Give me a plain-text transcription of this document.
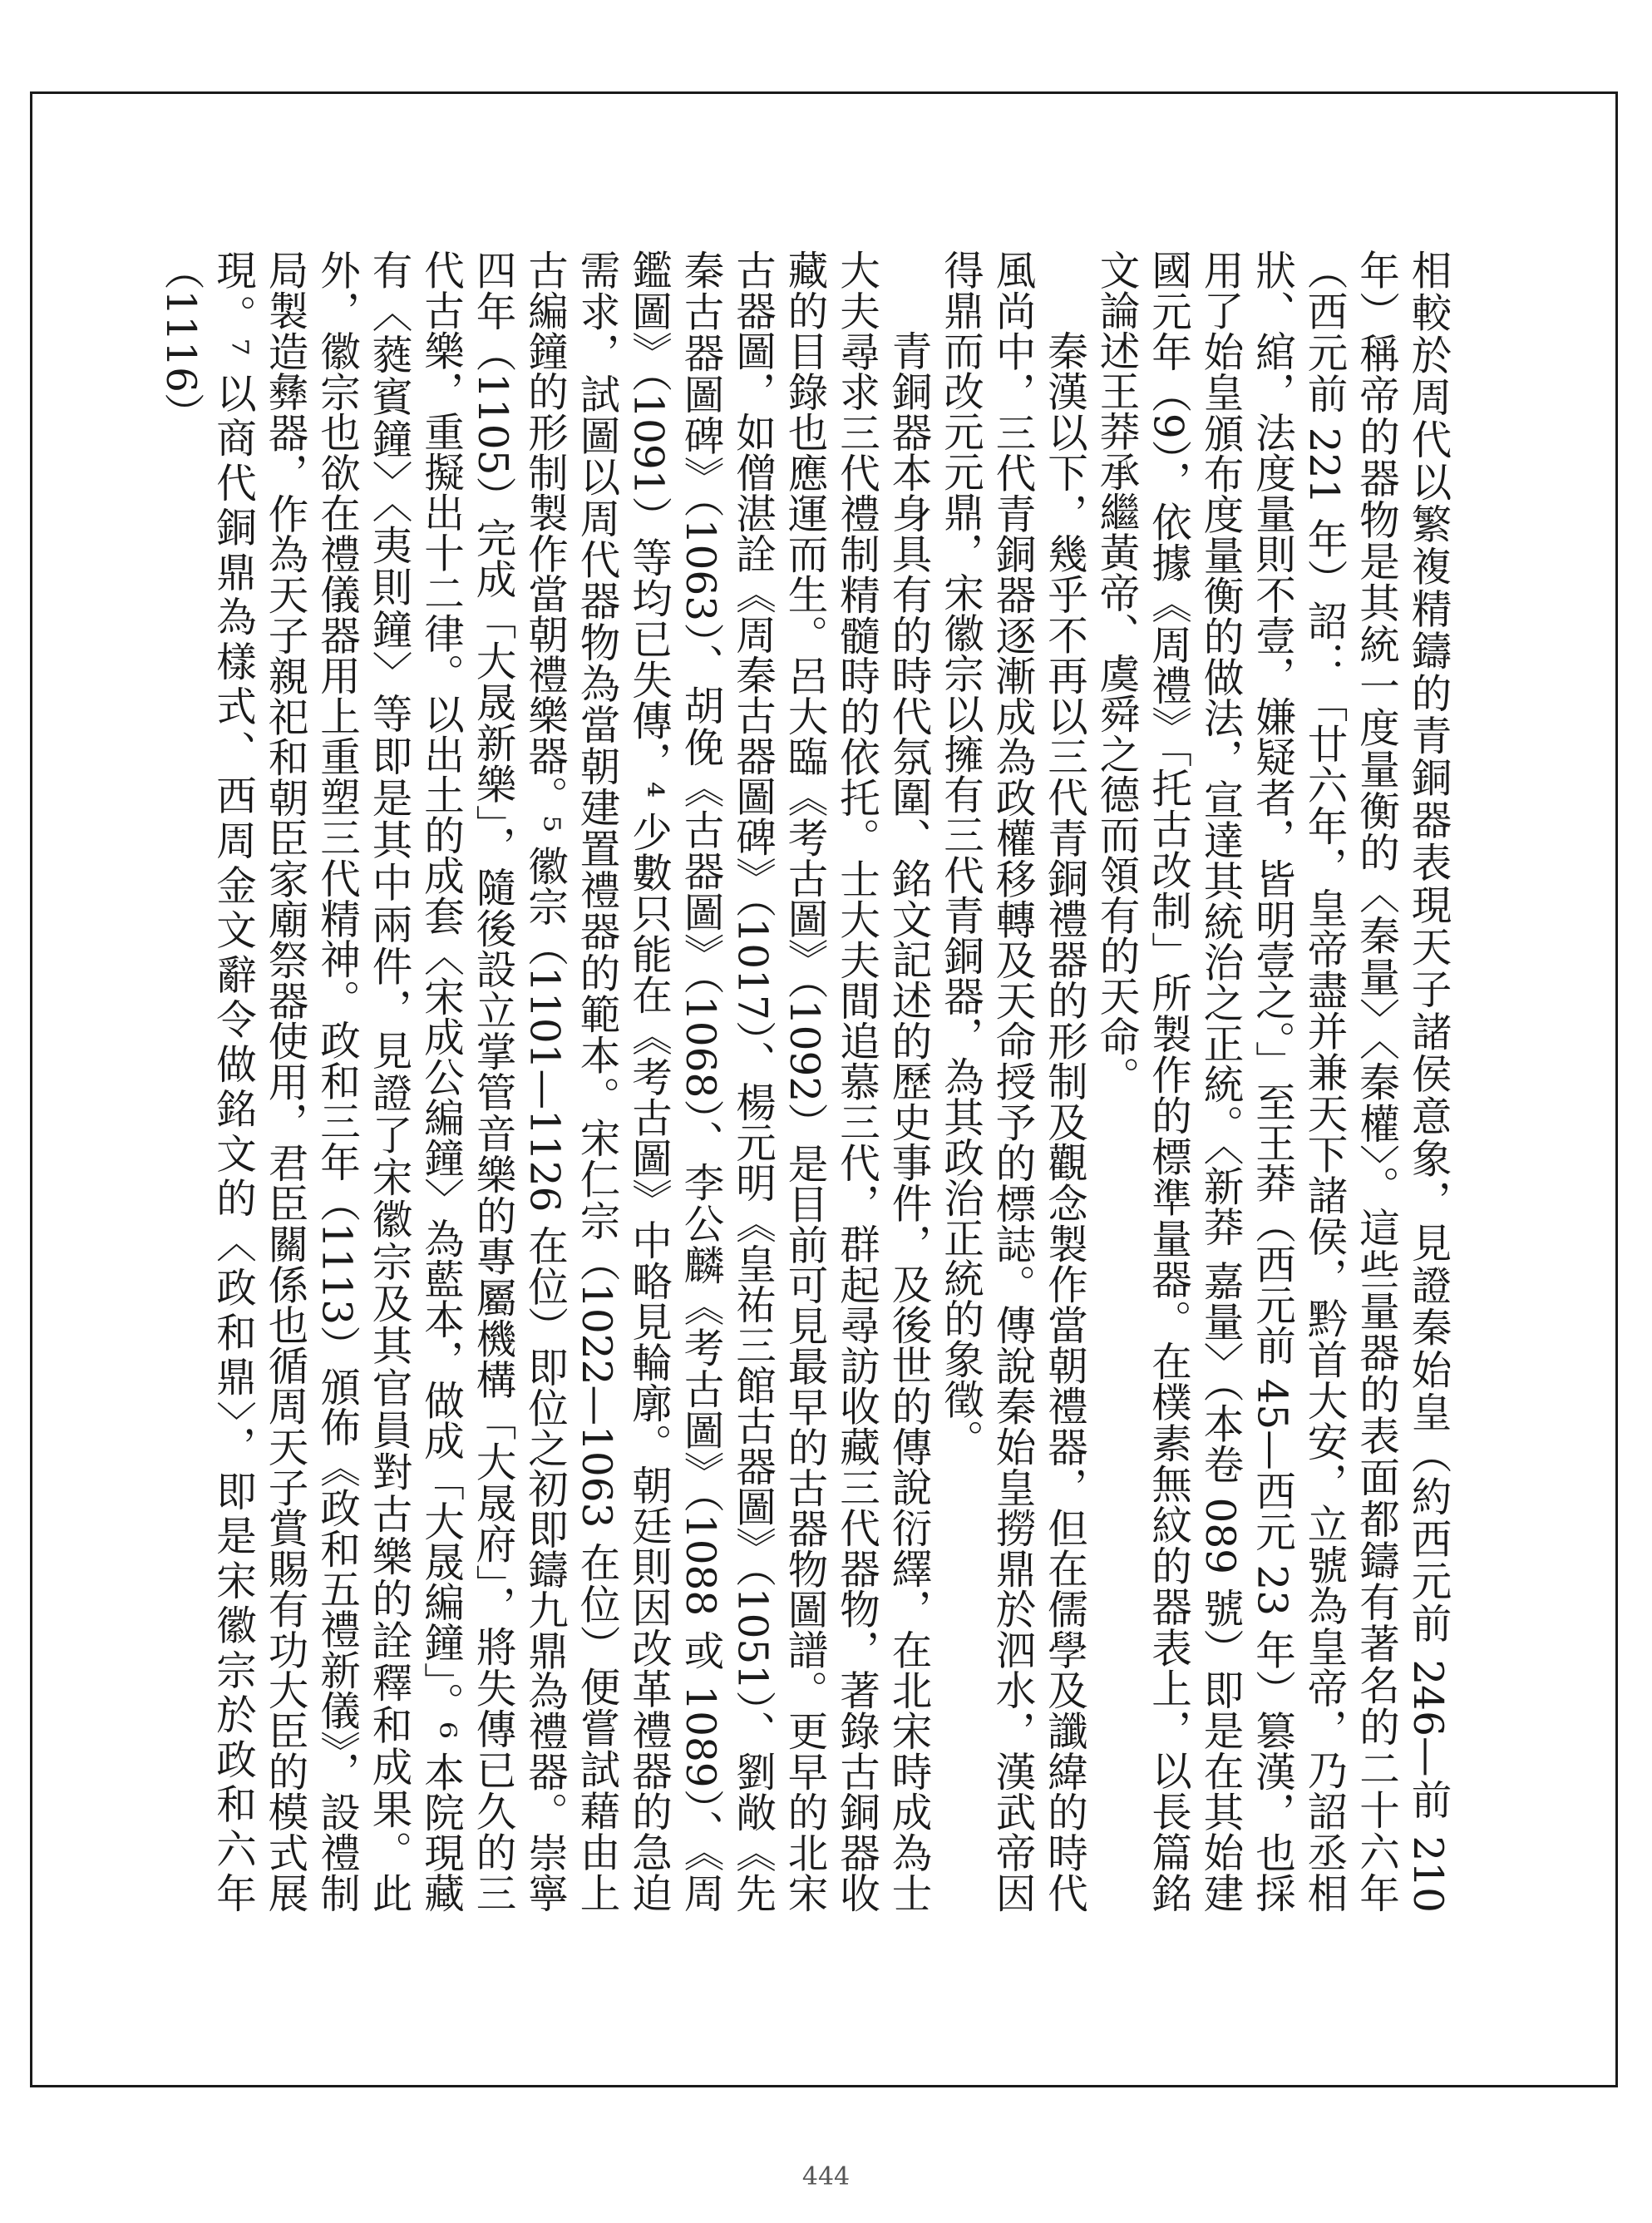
相較於周代以繁複精鑄的青銅器表現天子諸侯意象，見證秦始皇（約西元前 246—前 210 年）稱帝的器物是其統一度量衡的〈秦量〉〈秦權〉。這些量器的表面都鑄有著名的二十六年（西元前 221 年）詔：「廿六年，皇帝盡并兼天下諸侯，黔首大安，立號為皇帝，乃詔丞相狀、綰，法度量則不壹，嫌疑者，皆明壹之。」至王莽（西元前 45—西元 23 年）篡漢，也採用了始皇頒布度量衡的做法，宣達其統治之正統。〈新莽 嘉量〉（本卷 089 號）即是在其始建國元年（9），依據《周禮》「托古改制」所製作的標準量器。在樸素無紋的器表上，以長篇銘文論述王莽承繼黃帝、虞舜之德而領有的天命。

秦漢以下，幾乎不再以三代青銅禮器的形制及觀念製作當朝禮器，但在儒學及讖緯的時代風尚中，三代青銅器逐漸成為政權移轉及天命授予的標誌。傳說秦始皇撈鼎於泗水，漢武帝因得鼎而改元元鼎，宋徽宗以擁有三代青銅器，為其政治正統的象徵。

青銅器本身具有的時代氛圍、銘文記述的歷史事件，及後世的傳說衍繹，在北宋時成為士大夫尋求三代禮制精髓時的依托。士大夫間追慕三代，群起尋訪收藏三代器物，著錄古銅器收藏的目錄也應運而生。呂大臨《考古圖》（1092）是目前可見最早的古器物圖譜。更早的北宋古器圖，如僧湛詮《周秦古器圖碑》（1017）、楊元明《皇祐三館古器圖》（1051）、劉敞《先秦古器圖碑》（1063）、胡俛《古器圖》（1068）、李公麟《考古圖》（1088 或 1089）、《周鑑圖》（1091）等均已失傳，⁴ 少數只能在《考古圖》中略見輪廓。朝廷則因改革禮器的急迫需求，試圖以周代器物為當朝建置禮器的範本。宋仁宗（1022—1063 在位）便嘗試藉由上古編鐘的形制製作當朝禮樂器。⁵ 徽宗（1101—1126 在位）即位之初即鑄九鼎為禮器。崇寧四年（1105）完成「大晟新樂」，隨後設立掌管音樂的專屬機構「大晟府」，將失傳已久的三代古樂，重擬出十二律。以出土的成套〈宋成公編鐘〉為藍本，做成「大晟編鐘」。⁶ 本院現藏有〈蕤賓鐘〉〈夷則鐘〉等即是其中兩件，見證了宋徽宗及其官員對古樂的詮釋和成果。此外，徽宗也欲在禮儀器用上重塑三代精神。政和三年（1113）頒佈《政和五禮新儀》，設禮制局製造彝器，作為天子親祀和朝臣家廟祭器使用，君臣關係也循周天子賞賜有功大臣的模式展現。⁷ 以商代銅鼎為樣式、西周金文辭令做銘文的〈政和鼎〉，即是宋徽宗於政和六年（1116）

444
